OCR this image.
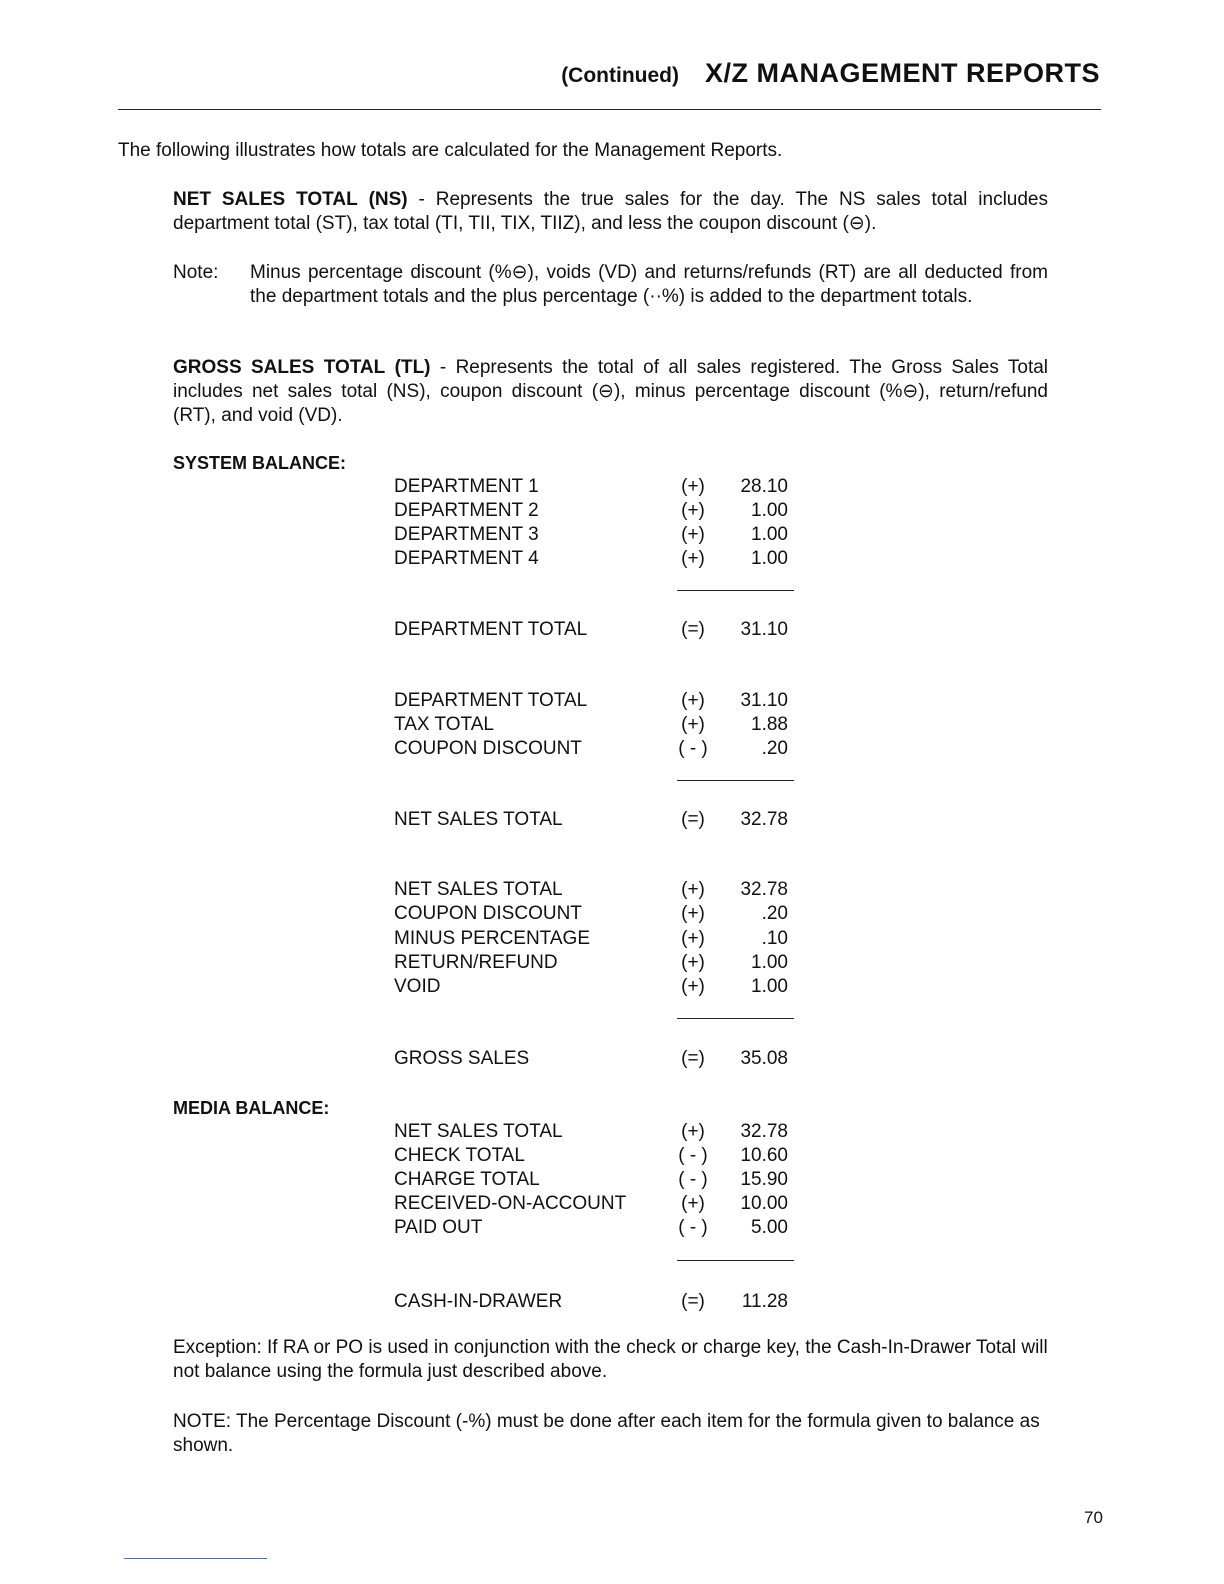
(Continued) X/Z MANAGEMENT REPORTS
The following illustrates how totals are calculated for the Management Reports.
NET SALES TOTAL (NS) - Represents the true sales for the day. The NS sales total includes department total (ST), tax total (TI, TII, TIX, TIIZ), and less the coupon discount (⊖).
Note:	Minus percentage discount (%⊖), voids (VD) and returns/refunds (RT) are all deducted from the department totals and the plus percentage (··%) is added to the department totals.
GROSS SALES TOTAL (TL) - Represents the total of all sales registered. The Gross Sales Total includes net sales total (NS), coupon discount (⊖), minus percentage discount (%⊖), return/refund (RT), and void (VD).
SYSTEM BALANCE:
DEPARTMENT 1	(+) 28.10
DEPARTMENT 2	(+) 1.00
DEPARTMENT 3	(+) 1.00
DEPARTMENT 4	(+) 1.00
DEPARTMENT TOTAL	(=) 31.10
DEPARTMENT TOTAL	(+) 31.10
TAX TOTAL	(+) 1.88
COUPON DISCOUNT	( - )	.20
NET SALES TOTAL	(=) 32.78
NET SALES TOTAL	(+) 32.78
COUPON DISCOUNT	(+)	.20
MINUS PERCENTAGE	(+)	.10
RETURN/REFUND	(+) 1.00
VOID	(+) 1.00
GROSS SALES	(=) 35.08
MEDIA BALANCE:
NET SALES TOTAL	(+) 32.78
CHECK TOTAL	( - ) 10.60
CHARGE TOTAL	( - ) 15.90
RECEIVED-ON-ACCOUNT	(+) 10.00
PAID OUT	( - ) 5.00
CASH-IN-DRAWER	(=) 11.28
Exception: If RA or PO is used in conjunction with the check or charge key, the Cash-In-Drawer Total will not balance using the formula just described above.
NOTE: The Percentage Discount (-%) must be done after each item for the formula given to balance as shown.
70
